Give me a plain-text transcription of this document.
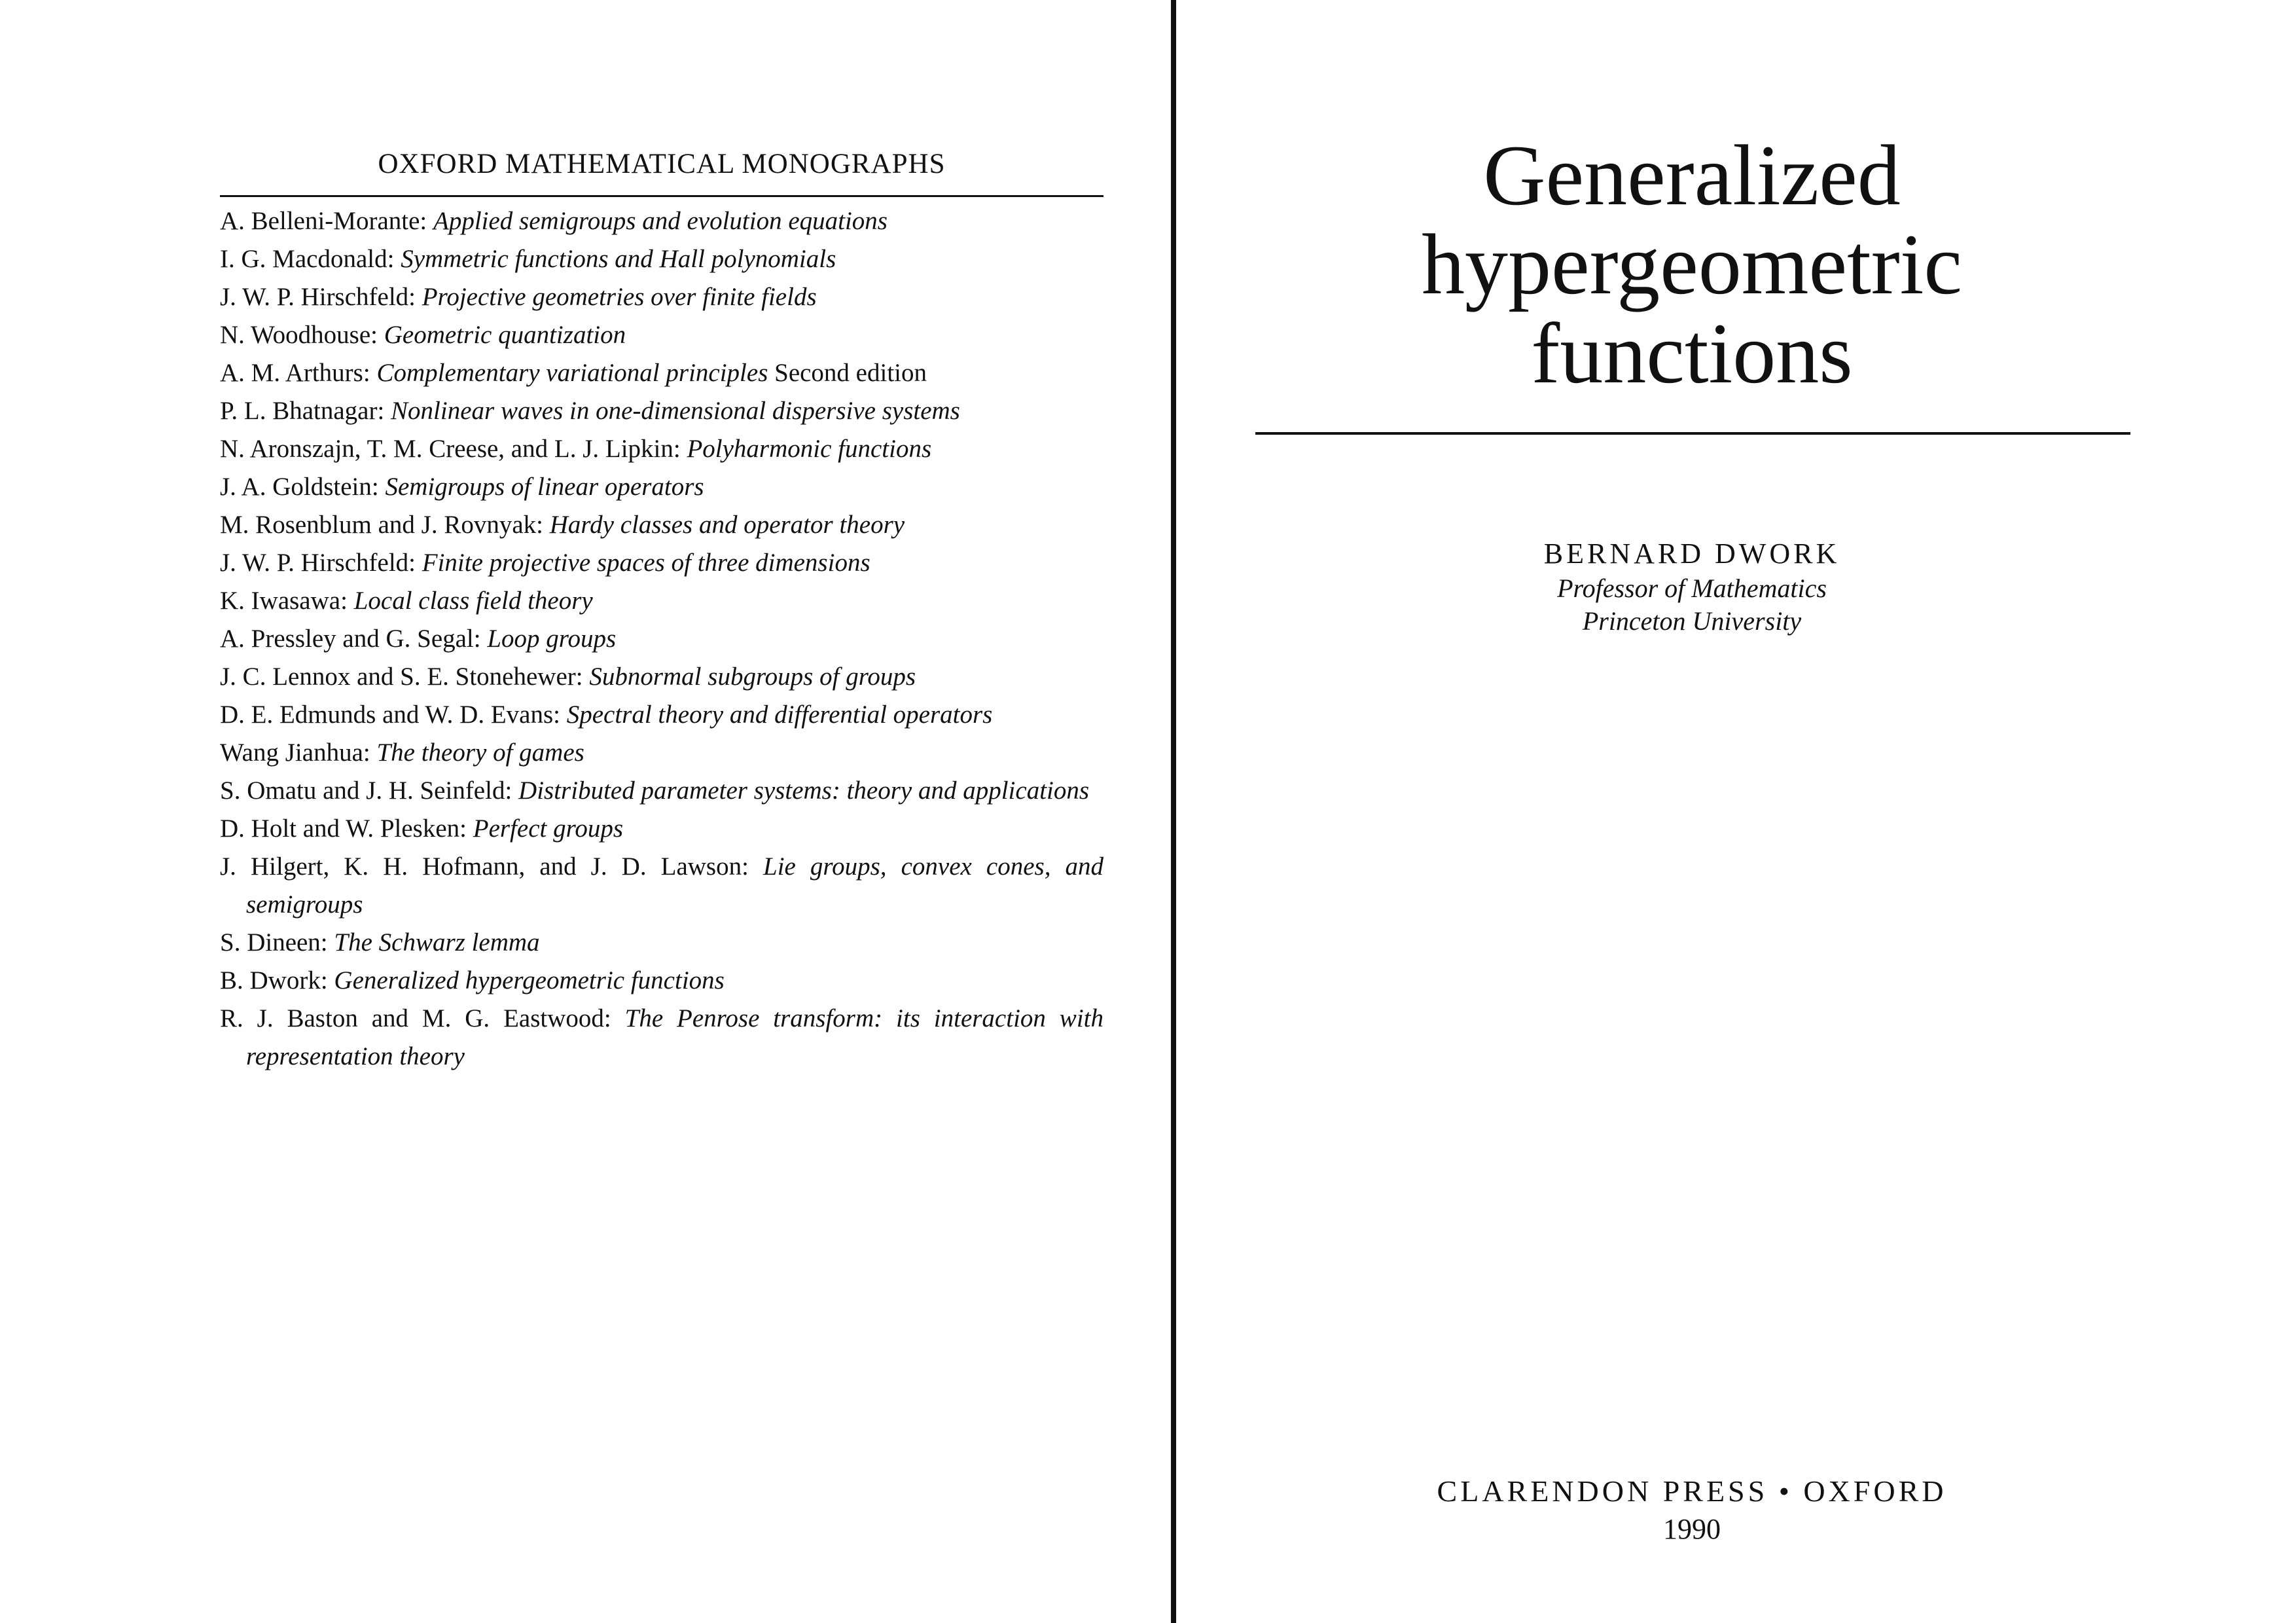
OXFORD MATHEMATICAL MONOGRAPHS
A. Belleni-Morante: Applied semigroups and evolution equations
I. G. Macdonald: Symmetric functions and Hall polynomials
J. W. P. Hirschfeld: Projective geometries over finite fields
N. Woodhouse: Geometric quantization
A. M. Arthurs: Complementary variational principles Second edition
P. L. Bhatnagar: Nonlinear waves in one-dimensional dispersive systems
N. Aronszajn, T. M. Creese, and L. J. Lipkin: Polyharmonic functions
J. A. Goldstein: Semigroups of linear operators
M. Rosenblum and J. Rovnyak: Hardy classes and operator theory
J. W. P. Hirschfeld: Finite projective spaces of three dimensions
K. Iwasawa: Local class field theory
A. Pressley and G. Segal: Loop groups
J. C. Lennox and S. E. Stonehewer: Subnormal subgroups of groups
D. E. Edmunds and W. D. Evans: Spectral theory and differential operators
Wang Jianhua: The theory of games
S. Omatu and J. H. Seinfeld: Distributed parameter systems: theory and applications
D. Holt and W. Plesken: Perfect groups
J. Hilgert, K. H. Hofmann, and J. D. Lawson: Lie groups, convex cones, and semigroups
S. Dineen: The Schwarz lemma
B. Dwork: Generalized hypergeometric functions
R. J. Baston and M. G. Eastwood: The Penrose transform: its interaction with representation theory
Generalized
hypergeometric
functions
BERNARD DWORK
Professor of Mathematics
Princeton University
CLARENDON PRESS • OXFORD
1990
